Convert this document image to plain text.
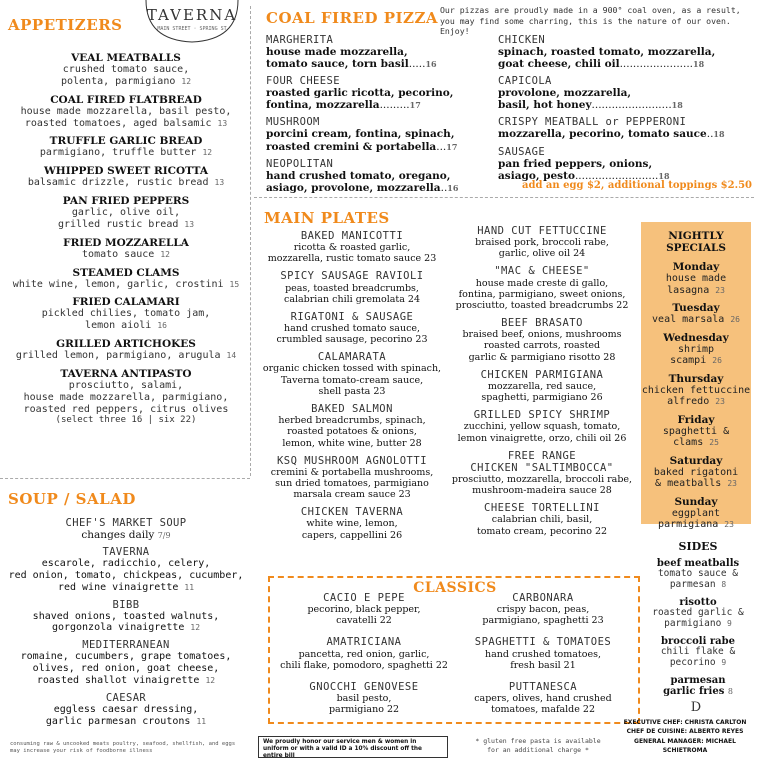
APPETIZERS
VEAL MEATBALLS
crushed tomato sauce,
polenta, parmigiano 12
COAL FIRED FLATBREAD
house made mozzarella, basil pesto,
roasted tomatoes, aged balsamic 13
TRUFFLE GARLIC BREAD
parmigiano, truffle butter 12
WHIPPED SWEET RICOTTA
balsamic drizzle, rustic bread 13
PAN FRIED PEPPERS
garlic, olive oil,
grilled rustic bread 13
FRIED MOZZARELLA
tomato sauce 12
STEAMED CLAMS
white wine, lemon, garlic, crostini 15
FRIED CALAMARI
pickled chilies, tomato jam,
lemon aioli 16
GRILLED ARTICHOKES
grilled lemon, parmigiano, arugula 14
TAVERNA ANTIPASTO
prosciutto, salami,
house made mozzarella, parmigiano,
roasted red peppers, citrus olives
(select three 16 | six 22)
TAVERNA
MAIN STREET · SPRING ST
SOUP / SALAD
CHEF'S MARKET SOUP
changes daily 7/9
TAVERNA
escarole, radicchio, celery,
red onion, tomato, chickpeas, cucumber,
red wine vinaigrette 11
BIBB
shaved onions, toasted walnuts,
gorgonzola vinaigrette 12
MEDITERRANEAN
romaine, cucumbers, grape tomatoes,
olives, red onion, goat cheese,
roasted shallot vinaigrette 12
CAESAR
eggless caesar dressing,
garlic parmesan croutons 11
consuming raw & uncooked meats poultry, seafood, shellfish, and eggs may increase your risk of foodborne illness
COAL FIRED PIZZA Our pizzas are proudly made in a 900° coal oven, as a result, you may find some charring, this is the nature of our oven. Enjoy!
MARGHERITA
house made mozzarella,
tomato sauce, torn basil.....16
FOUR CHEESE
roasted garlic ricotta, pecorino,
fontina, mozzarella.........17
MUSHROOM
porcini cream, fontina, spinach,
roasted cremini & portabella...17
NEOPOLITAN
hand crushed tomato, oregano,
asiago, provolone, mozzarella..16
CHICKEN
spinach, roasted tomato, mozzarella,
goat cheese, chili oil......................18
CAPICOLA
provolone, mozzarella,
basil, hot honey........................18
CRISPY MEATBALL or PEPPERONI
mozzarella, pecorino, tomato sauce..18
SAUSAGE
pan fried peppers, onions,
asiago, pesto.........................18
add an egg $2, additional toppings $2.50
MAIN PLATES
BAKED MANICOTTI
ricotta & roasted garlic,
mozzarella, rustic tomato sauce 23
SPICY SAUSAGE RAVIOLI
peas, toasted breadcrumbs,
calabrian chili gremolata 24
RIGATONI & SAUSAGE
hand crushed tomato sauce,
crumbled sausage, pecorino 23
CALAMARATA
organic chicken tossed with spinach,
Taverna tomato-cream sauce,
shell pasta 23
BAKED SALMON
herbed breadcrumbs, spinach,
roasted potatoes & onions,
lemon, white wine, butter 28
KSQ MUSHROOM AGNOLOTTI
cremini & portabella mushrooms,
sun dried tomatoes, parmigiano
marsala cream sauce 23
CHICKEN TAVERNA
white wine, lemon,
capers, cappellini 26
HAND CUT FETTUCCINE
braised pork, broccoli rabe,
garlic, olive oil 24
"MAC & CHEESE"
house made creste di gallo,
fontina, parmigiano, sweet onions,
prosciutto, toasted breadcrumbs 22
BEEF BRASATO
braised beef, onions, mushrooms
roasted carrots, roasted
garlic & parmigiano risotto 28
CHICKEN PARMIGIANA
mozzarella, red sauce,
spaghetti, parmigiano 26
GRILLED SPICY SHRIMP
zucchini, yellow squash, tomato,
lemon vinaigrette, orzo, chili oil 26
FREE RANGE
CHICKEN "SALTIMBOCCA"
prosciutto, mozzarella, broccoli rabe,
mushroom-madeira sauce 28
CHEESE TORTELLINI
calabrian chili, basil,
tomato cream, pecorino 22
CLASSICS
CACIO E PEPE
pecorino, black pepper,
cavatelli 22
AMATRICIANA
pancetta, red onion, garlic,
chili flake, pomodoro, spaghetti 22
GNOCCHI GENOVESE
basil pesto,
parmigiano 22
CARBONARA
crispy bacon, peas,
parmigiano, spaghetti 23
SPAGHETTI & TOMATOES
hand crushed tomatoes,
fresh basil 21
PUTTANESCA
capers, olives, hand crushed
tomatoes, mafalde 22
We proudly honor our service men & women in uniform or with a valid ID a 10% discount off the entire bill
* gluten free pasta is available for an additional charge *
NIGHTLY SPECIALS
Monday
house made
lasagna 23
Tuesday
veal marsala 26
Wednesday
shrimp
scampi 26
Thursday
chicken fettuccine
alfredo 23
Friday
spaghetti &
clams 25
Saturday
baked rigatoni
& meatballs 23
Sunday
eggplant
parmigiana 23
SIDES
beef meatballs
tomato sauce &
parmesan 8
risotto
roasted garlic &
parmigiano 9
broccoli rabe
chili flake &
pecorino 9
parmesan
garlic fries 8
D
EXECUTIVE CHEF: CHRISTA CARLTON
CHEF DE CUISINE: ALBERTO REYES
GENERAL MANAGER: MICHAEL SCHIETROMA
